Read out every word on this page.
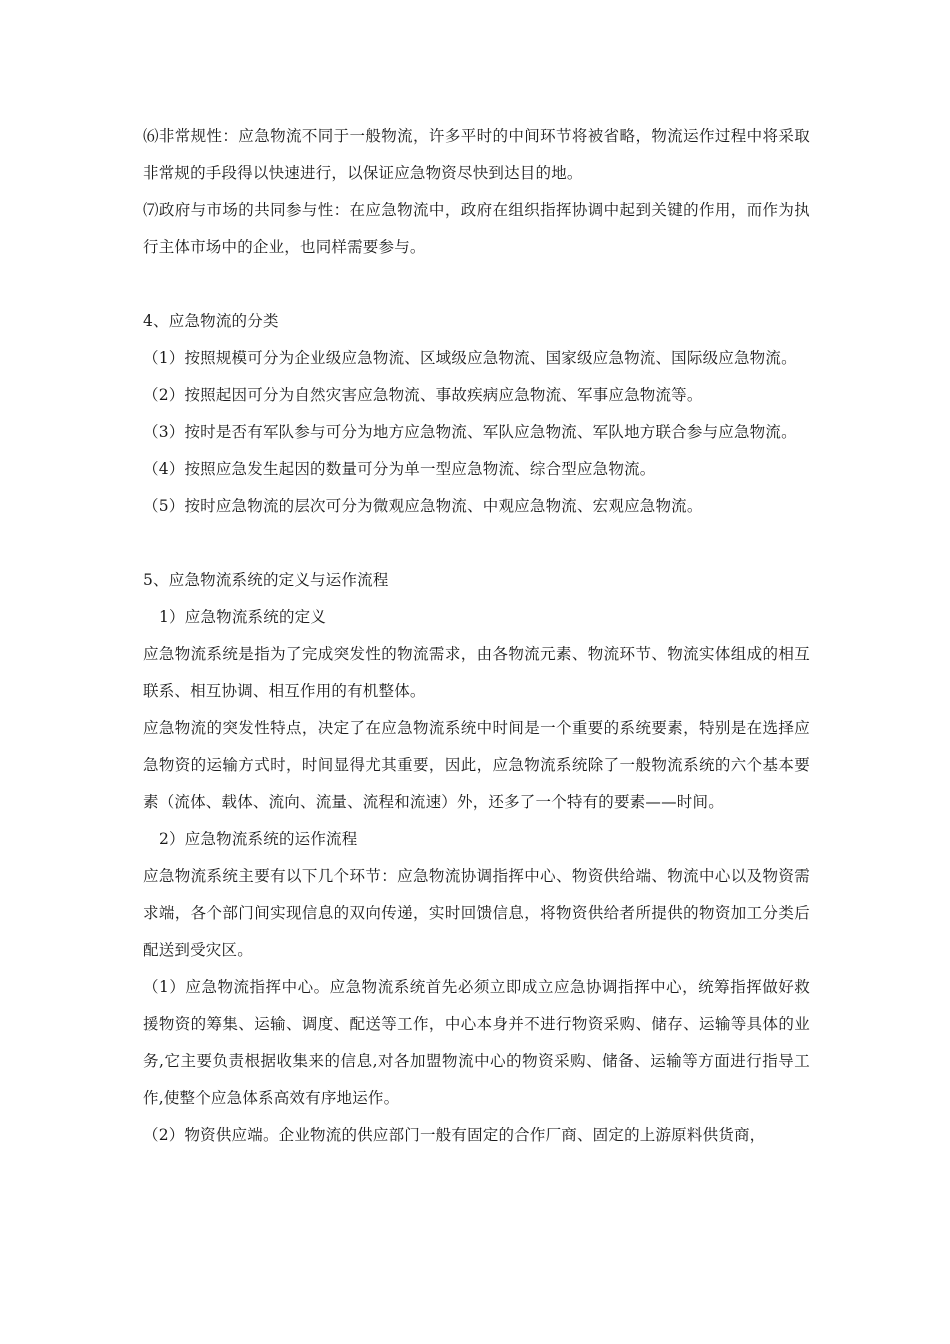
⑹非常规性：应急物流不同于一般物流，许多平时的中间环节将被省略，物流运作过程中将采取非常规的手段得以快速进行，以保证应急物资尽快到达目的地。

⑺政府与市场的共同参与性：在应急物流中，政府在组织指挥协调中起到关键的作用，而作为执行主体市场中的企业，也同样需要参与。

4、应急物流的分类

（1）按照规模可分为企业级应急物流、区域级应急物流、国家级应急物流、国际级应急物流。

（2）按照起因可分为自然灾害应急物流、事故疾病应急物流、军事应急物流等。

（3）按时是否有军队参与可分为地方应急物流、军队应急物流、军队地方联合参与应急物流。

（4）按照应急发生起因的数量可分为单一型应急物流、综合型应急物流。

（5）按时应急物流的层次可分为微观应急物流、中观应急物流、宏观应急物流。

5、应急物流系统的定义与运作流程

1）应急物流系统的定义

应急物流系统是指为了完成突发性的物流需求，由各物流元素、物流环节、物流实体组成的相互联系、相互协调、相互作用的有机整体。

应急物流的突发性特点，决定了在应急物流系统中时间是一个重要的系统要素，特别是在选择应急物资的运输方式时，时间显得尤其重要，因此，应急物流系统除了一般物流系统的六个基本要素（流体、载体、流向、流量、流程和流速）外，还多了一个特有的要素——时间。

2）应急物流系统的运作流程

应急物流系统主要有以下几个环节：应急物流协调指挥中心、物资供给端、物流中心以及物资需求端，各个部门间实现信息的双向传递，实时回馈信息，将物资供给者所提供的物资加工分类后配送到受灾区。

（1）应急物流指挥中心。应急物流系统首先必须立即成立应急协调指挥中心，统筹指挥做好救援物资的筹集、运输、调度、配送等工作，中心本身并不进行物资采购、储存、运输等具体的业务,它主要负责根据收集来的信息,对各加盟物流中心的物资采购、储备、运输等方面进行指导工作,使整个应急体系高效有序地运作。

（2）物资供应端。企业物流的供应部门一般有固定的合作厂商、固定的上游原料供货商，
